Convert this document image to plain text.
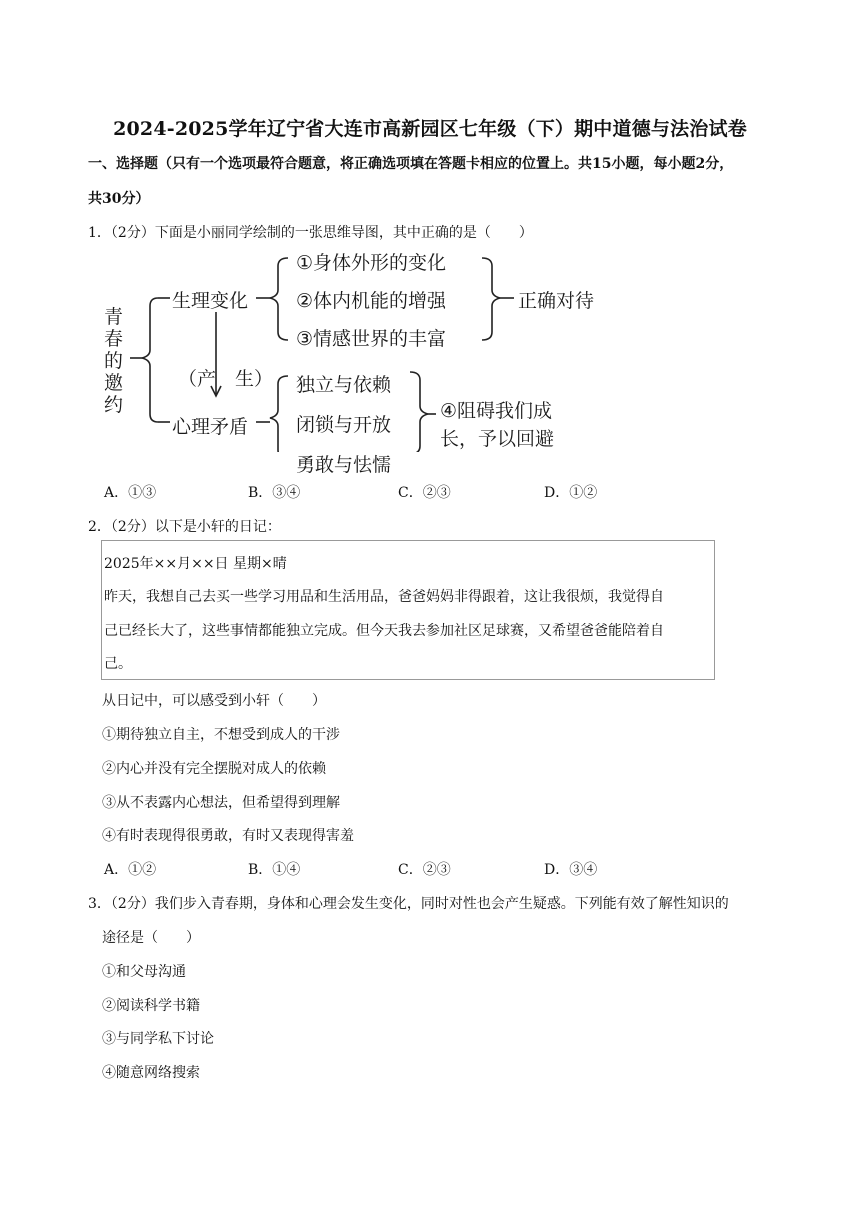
2024-2025学年辽宁省大连市高新园区七年级（下）期中道德与法治试卷
一、选择题（只有一个选项最符合题意，将正确选项填在答题卡相应的位置上。共15小题，每小题2分，
共30分）
1．（2分）下面是小丽同学绘制的一张思维导图，其中正确的是（　　）
青春的邀约
生理变化
（产　生）
心理矛盾
①身体外形的变化
②体内机能的增强
③情感世界的丰富
正确对待
独立与依赖
闭锁与开放
④阻碍我们成
长，予以回避
勇敢与怯懦
A．①③	B．③④	C．②③	D．①②
2．（2分）以下是小轩的日记：
2025年××月××日 星期×晴
昨天，我想自己去买一些学习用品和生活用品，爸爸妈妈非得跟着，这让我很烦，我觉得自
己已经长大了，这些事情都能独立完成。但今天我去参加社区足球赛，又希望爸爸能陪着自
己。
从日记中，可以感受到小轩（　　）
①期待独立自主，不想受到成人的干涉
②内心并没有完全摆脱对成人的依赖
③从不表露内心想法，但希望得到理解
④有时表现得很勇敢，有时又表现得害羞
A．①②	B．①④	C．②③	D．③④
3．（2分）我们步入青春期，身体和心理会发生变化，同时对性也会产生疑惑。下列能有效了解性知识的
途径是（　　）
①和父母沟通
②阅读科学书籍
③与同学私下讨论
④随意网络搜索
